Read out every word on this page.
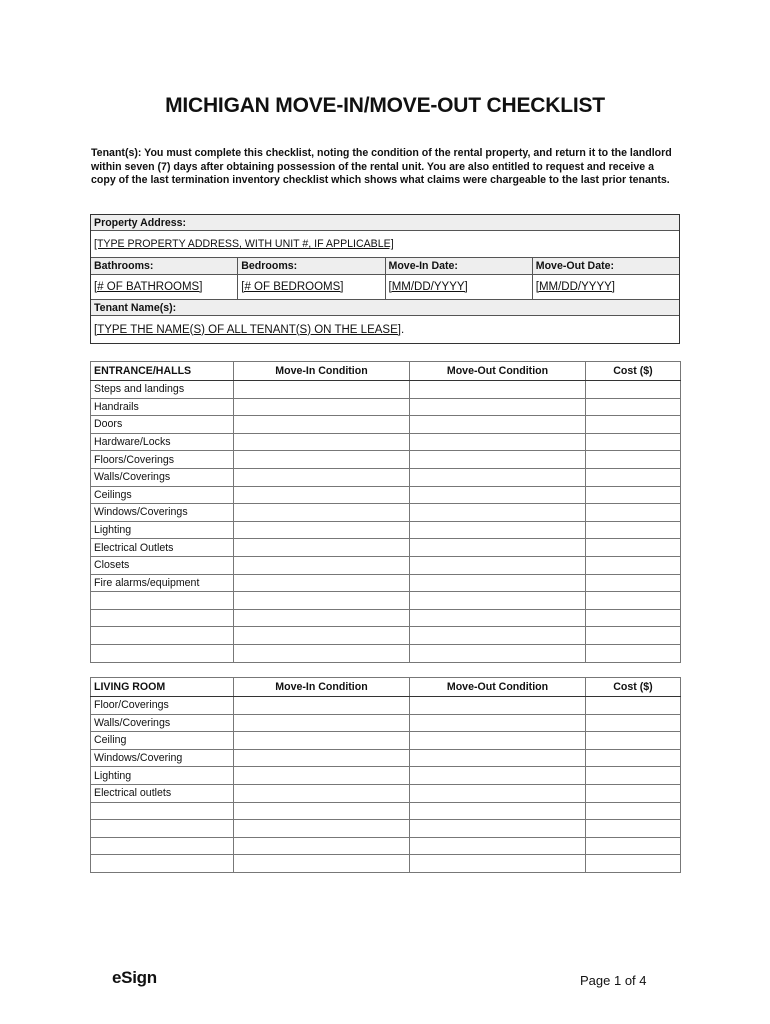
MICHIGAN MOVE-IN/MOVE-OUT CHECKLIST
Tenant(s): You must complete this checklist, noting the condition of the rental property, and return it to the landlord within seven (7) days after obtaining possession of the rental unit. You are also entitled to request and receive a copy of the last termination inventory checklist which shows what claims were chargeable to the last prior tenants.
Property Address:
[TYPE PROPERTY ADDRESS, WITH UNIT #, IF APPLICABLE]
Bathrooms:	Bedrooms:	Move-In Date:	Move-Out Date:
[# OF BATHROOMS]	[# OF BEDROOMS]	[MM/DD/YYYY]	[MM/DD/YYYY]
Tenant Name(s):
[TYPE THE NAME(S) OF ALL TENANT(S) ON THE LEASE] .
ENTRANCE/HALLS	Move-In Condition	Move-Out Condition	Cost ($)
Steps and landings			
Handrails			
Doors			
Hardware/Locks			
Floors/Coverings			
Walls/Coverings			
Ceilings			
Windows/Coverings			
Lighting			
Electrical Outlets			
Closets			
Fire alarms/equipment			

LIVING ROOM	Move-In Condition	Move-Out Condition	Cost ($)
Floor/Coverings			
Walls/Coverings			
Ceiling			
Windows/Covering			
Lighting			
Electrical outlets			

eSign	Page 1 of 4
